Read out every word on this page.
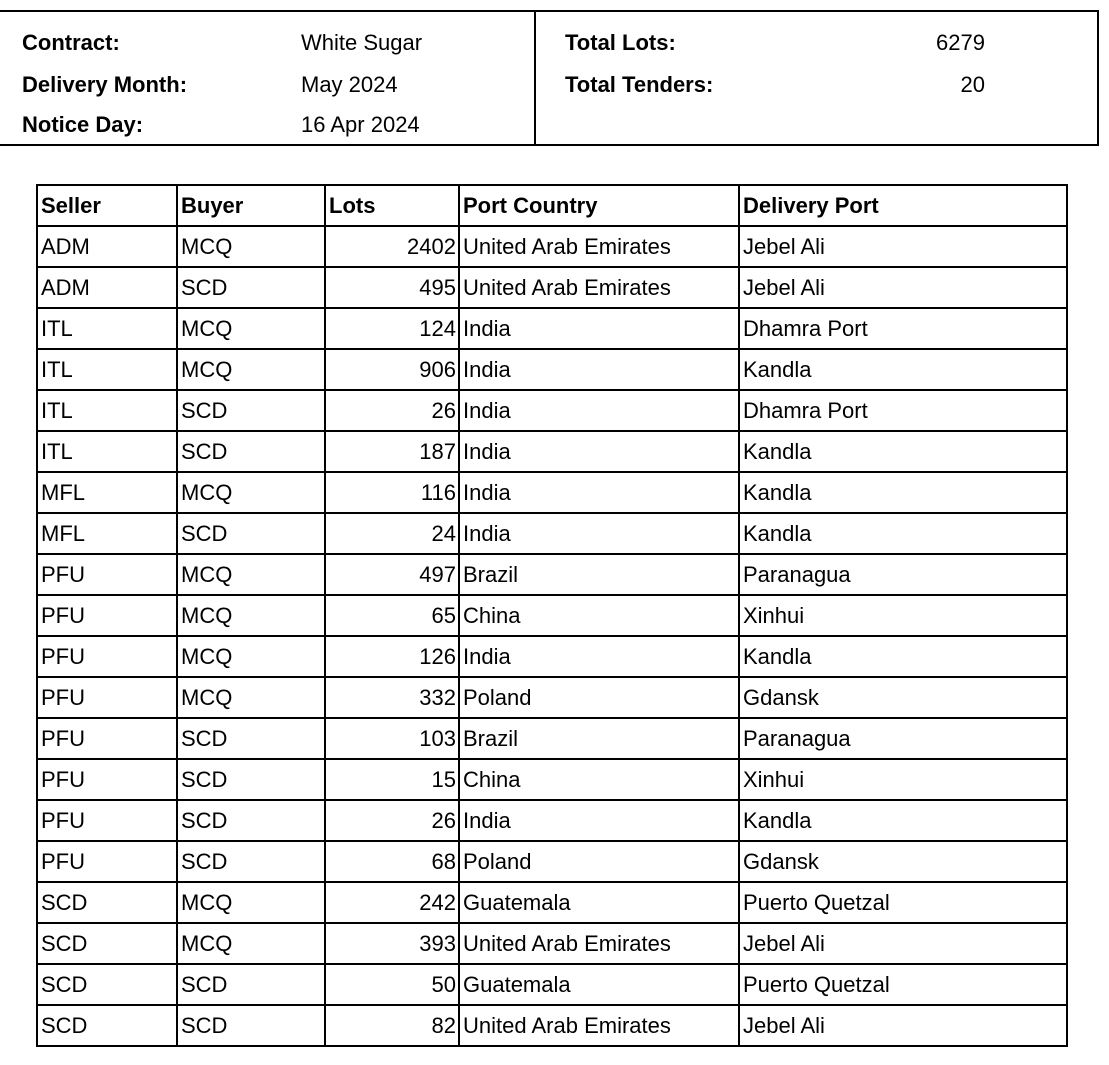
Contract:	White Sugar
Delivery Month:	May 2024
Notice Day:	16 Apr 2024
Total Lots:	6279
Total Tenders:	20
Seller	Buyer	Lots	Port Country	Delivery Port
ADM	MCQ	2402	United Arab Emirates	Jebel Ali
ADM	SCD	495	United Arab Emirates	Jebel Ali
ITL	MCQ	124	India	Dhamra Port
ITL	MCQ	906	India	Kandla
ITL	SCD	26	India	Dhamra Port
ITL	SCD	187	India	Kandla
MFL	MCQ	116	India	Kandla
MFL	SCD	24	India	Kandla
PFU	MCQ	497	Brazil	Paranagua
PFU	MCQ	65	China	Xinhui
PFU	MCQ	126	India	Kandla
PFU	MCQ	332	Poland	Gdansk
PFU	SCD	103	Brazil	Paranagua
PFU	SCD	15	China	Xinhui
PFU	SCD	26	India	Kandla
PFU	SCD	68	Poland	Gdansk
SCD	MCQ	242	Guatemala	Puerto Quetzal
SCD	MCQ	393	United Arab Emirates	Jebel Ali
SCD	SCD	50	Guatemala	Puerto Quetzal
SCD	SCD	82	United Arab Emirates	Jebel Ali
